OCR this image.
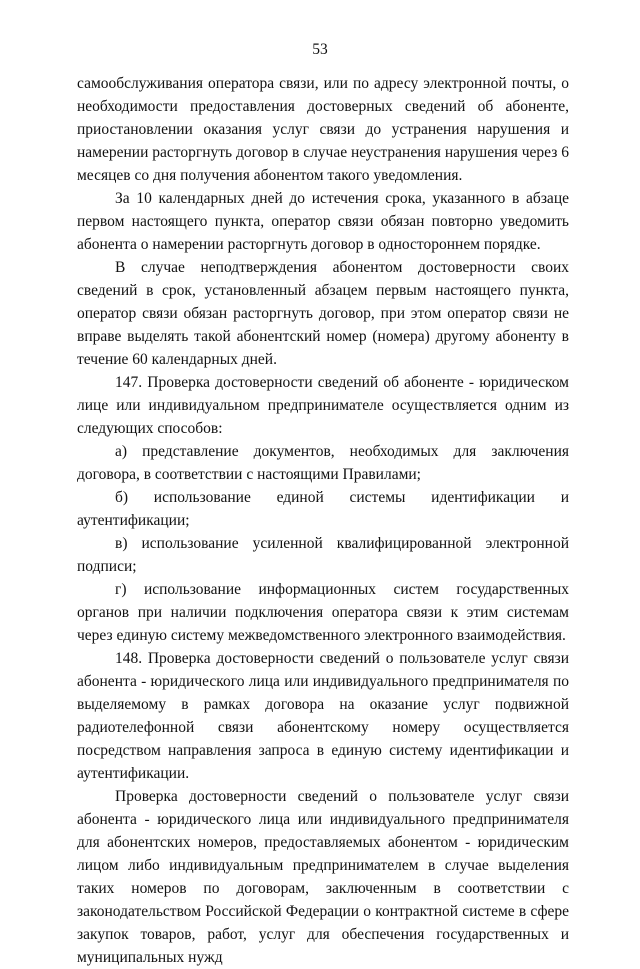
53

самообслуживания оператора связи, или по адресу электронной почты, о необходимости предоставления достоверных сведений об абоненте, приостановлении оказания услуг связи до устранения нарушения и намерении расторгнуть договор в случае неустранения нарушения через 6 месяцев со дня получения абонентом такого уведомления.

За 10 календарных дней до истечения срока, указанного в абзаце первом настоящего пункта, оператор связи обязан повторно уведомить абонента о намерении расторгнуть договор в одностороннем порядке.

В случае неподтверждения абонентом достоверности своих сведений в срок, установленный абзацем первым настоящего пункта, оператор связи обязан расторгнуть договор, при этом оператор связи не вправе выделять такой абонентский номер (номера) другому абоненту в течение 60 календарных дней.

147. Проверка достоверности сведений об абоненте - юридическом лице или индивидуальном предпринимателе осуществляется одним из следующих способов:

а) представление документов, необходимых для заключения договора, в соответствии с настоящими Правилами;

б) использование единой системы идентификации и аутентификации;

в) использование усиленной квалифицированной электронной подписи;

г) использование информационных систем государственных органов при наличии подключения оператора связи к этим системам через единую систему межведомственного электронного взаимодействия.

148. Проверка достоверности сведений о пользователе услуг связи абонента - юридического лица или индивидуального предпринимателя по выделяемому в рамках договора на оказание услуг подвижной радиотелефонной связи абонентскому номеру осуществляется посредством направления запроса в единую систему идентификации и аутентификации.

Проверка достоверности сведений о пользователе услуг связи абонента - юридического лица или индивидуального предпринимателя для абонентских номеров, предоставляемых абонентом - юридическим лицом либо индивидуальным предпринимателем в случае выделения таких номеров по договорам, заключенным в соответствии с законодательством Российской Федерации о контрактной системе в сфере закупок товаров, работ, услуг для обеспечения государственных и муниципальных нужд
